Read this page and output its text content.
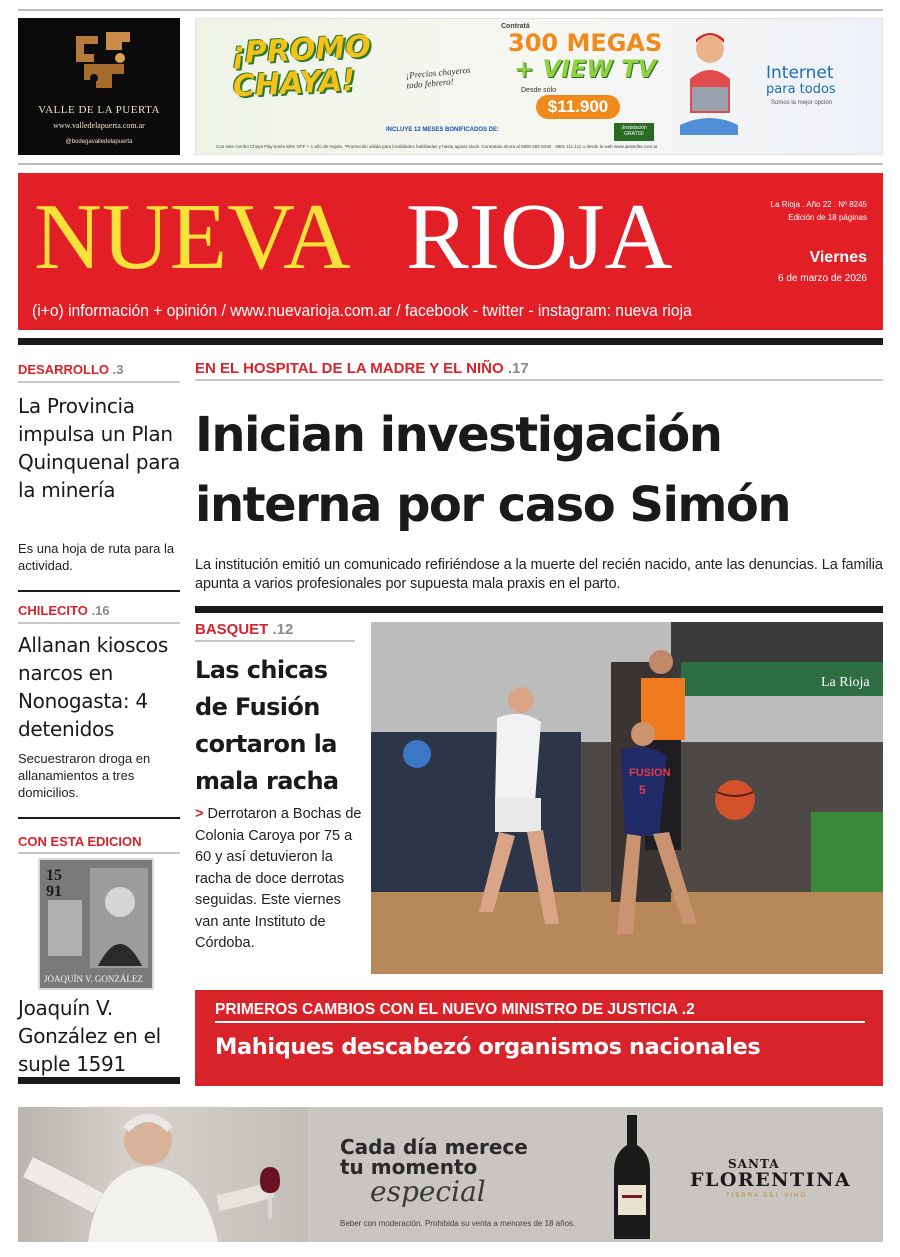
VALLE DE LA PUERTA
www.valledelapuerta.com.ar
@bodegavalledelapuerta
¡PROMO CHAYA!	¡Precios chayeros todo febrero!
Contratá
300 MEGAS
+ VIEW TV
Desde sólo
$11.900
Internet
para todos
Somos la mejor opción
INCLUYE 12 MESES BONIFICADOS DE:	¡Instalación GRATIS!
Con este combo Chaya Flay tenés 50% OFF + 1 año de regalo. *Promoción válida para localidades habilitadas y hasta agotar stock. Contratalo ahora al 0800 585 8436 · 3881 111 111 o desde la web www.ipastelito.com.ar
NUEVA RIOJA	La Rioja . Año 22 . Nº 8245
Edición de 18 páginas
Viernes
6 de marzo de 2026
(i+o) información + opinión / www.nuevarioja.com.ar / facebook - twitter - instagram: nueva rioja
DESARROLLO .3
La Provincia impulsa un Plan Quinquenal para la minería
Es una hoja de ruta para la actividad.
CHILECITO .16
Allanan kioscos narcos en Nonogasta: 4 detenidos
Secuestraron droga en allanamientos a tres domicilios.
CON ESTA EDICION
15
91
JOAQUÍN V. GONZÁLEZ
Joaquín V. González en el suple 1591
EN EL HOSPITAL DE LA MADRE Y EL NIÑO .17
Inician investigación
interna por caso Simón
La institución emitió un comunicado refiriéndose a la muerte del recién nacido, ante las denuncias. La familia apunta a varios profesionales por supuesta mala praxis en el parto.
BASQUET .12
Las chicas de Fusión cortaron la mala racha
> Derrotaron a Bochas de Colonia Caroya por 75 a 60 y así detuvieron la racha de doce derrotas seguidas. Este viernes van ante Instituto de Córdoba.
La Rioja
FUSION
5
PRIMEROS CAMBIOS CON EL NUEVO MINISTRO DE JUSTICIA .2
Mahiques descabezó organismos nacionales
Cada día merece
tu momento
especial
Beber con moderación. Prohibida su venta a menores de 18 años.
SANTA
FLORENTINA
TIERRA DEL VINO
